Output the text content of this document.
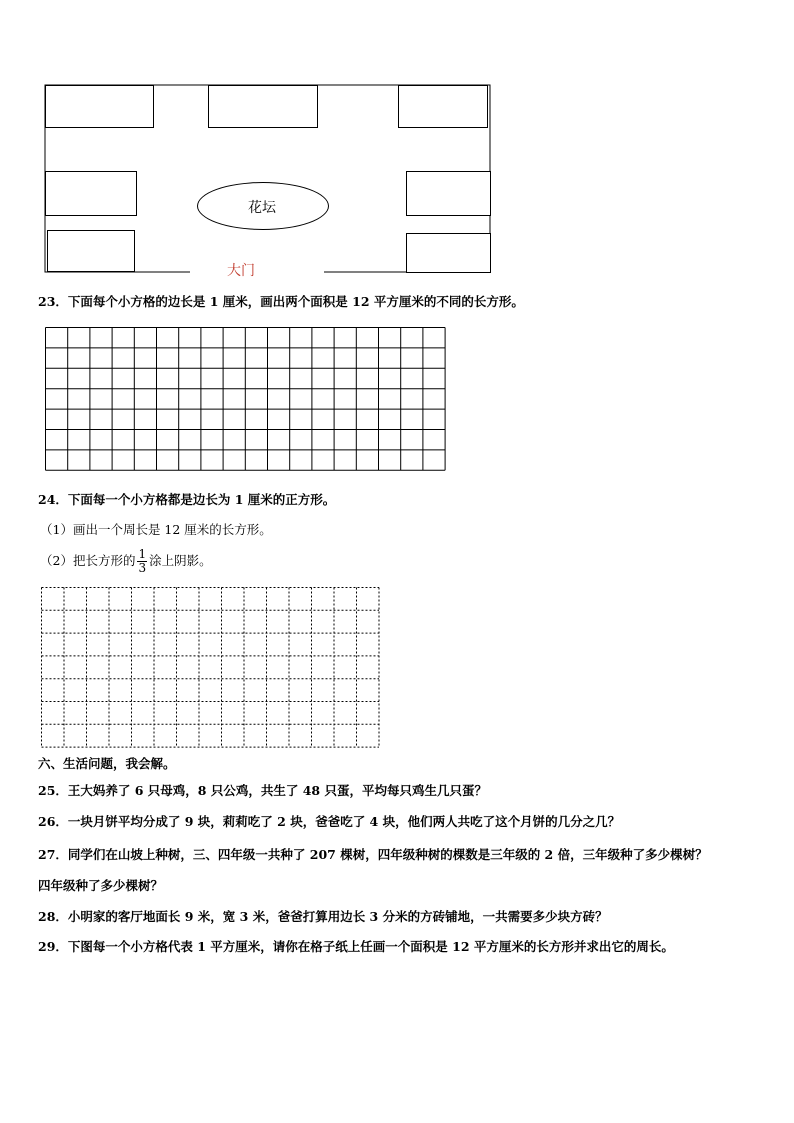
花坛
大门
23．下面每个小方格的边长是 1 厘米，画出两个面积是 12 平方厘米的不同的长方形。
24．下面每一个小方格都是边长为 1 厘米的正方形。
（1）画出一个周长是 12 厘米的长方形。
（2）把长方形的 $\frac{1}{3}$ 涂上阴影。
六、生活问题，我会解。
25．王大妈养了 6 只母鸡，8 只公鸡，共生了 48 只蛋，平均每只鸡生几只蛋？
26．一块月饼平均分成了 9 块，莉莉吃了 2 块，爸爸吃了 4 块，他们两人共吃了这个月饼的几分之几？
27．同学们在山坡上种树，三、四年级一共种了 207 棵树，四年级种树的棵数是三年级的 2 倍，三年级种了多少棵树？
四年级种了多少棵树？
28．小明家的客厅地面长 9 米，宽 3 米，爸爸打算用边长 3 分米的方砖铺地，一共需要多少块方砖？
29．下图每一个小方格代表 1 平方厘米，请你在格子纸上任画一个面积是 12 平方厘米的长方形并求出它的周长。
